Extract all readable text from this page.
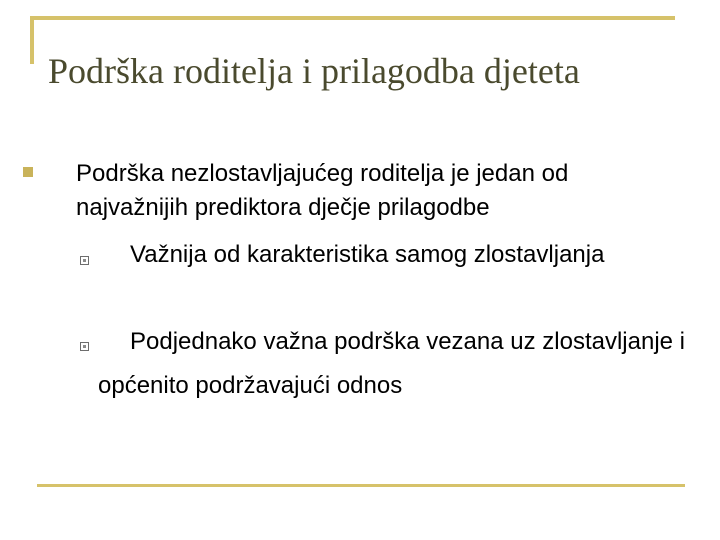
Podrška roditelja i prilagodba djeteta

Podrška nezlostavljajućeg roditelja je jedan od najvažnijih prediktora dječje prilagodbe

Važnija od karakteristika samog zlostavljanja

Podjednako važna podrška vezana uz zlostavljanje i općenito podržavajući odnos
